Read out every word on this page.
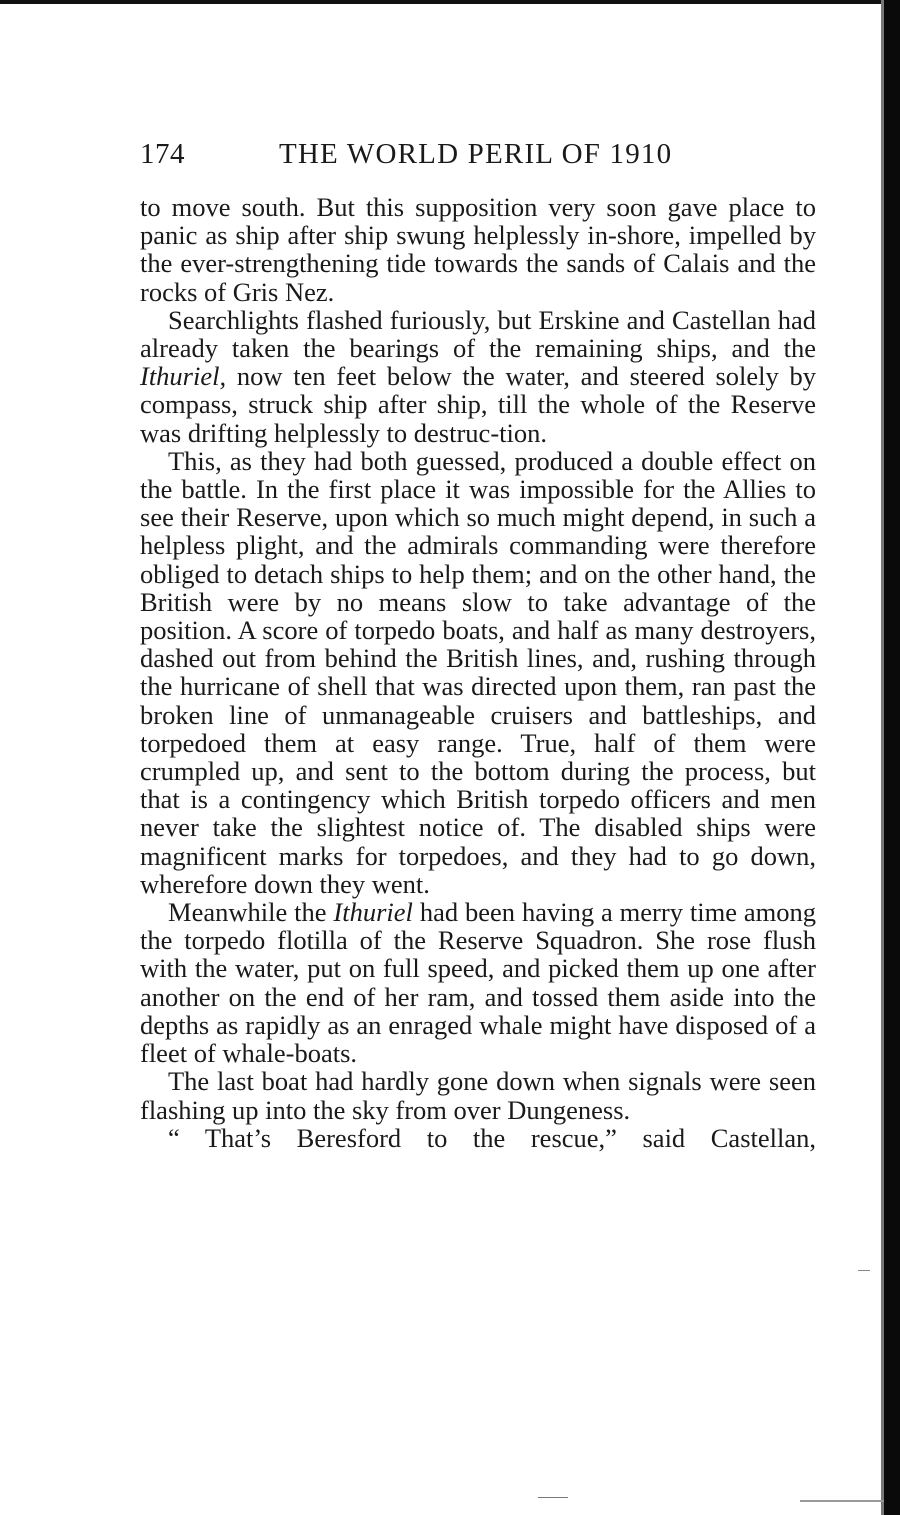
174	THE WORLD PERIL OF 1910

to move south. But this supposition very soon gave place to panic as ship after ship swung helplessly in-shore, impelled by the ever-strengthening tide towards the sands of Calais and the rocks of Gris Nez.

Searchlights flashed furiously, but Erskine and Castellan had already taken the bearings of the remaining ships, and the Ithuriel, now ten feet below the water, and steered solely by compass, struck ship after ship, till the whole of the Reserve was drifting helplessly to destruc-tion.

This, as they had both guessed, produced a double effect on the battle. In the first place it was impossible for the Allies to see their Reserve, upon which so much might depend, in such a helpless plight, and the admirals commanding were therefore obliged to detach ships to help them; and on the other hand, the British were by no means slow to take advantage of the position. A score of torpedo boats, and half as many destroyers, dashed out from behind the British lines, and, rushing through the hurricane of shell that was directed upon them, ran past the broken line of unmanageable cruisers and battleships, and torpedoed them at easy range. True, half of them were crumpled up, and sent to the bottom during the process, but that is a contingency which British torpedo officers and men never take the slightest notice of. The disabled ships were magnificent marks for torpedoes, and they had to go down, wherefore down they went.

Meanwhile the Ithuriel had been having a merry time among the torpedo flotilla of the Reserve Squadron. She rose flush with the water, put on full speed, and picked them up one after another on the end of her ram, and tossed them aside into the depths as rapidly as an enraged whale might have disposed of a fleet of whale-boats.

The last boat had hardly gone down when signals were seen flashing up into the sky from over Dungeness.

“ That’s Beresford to the rescue,” said Castellan,
